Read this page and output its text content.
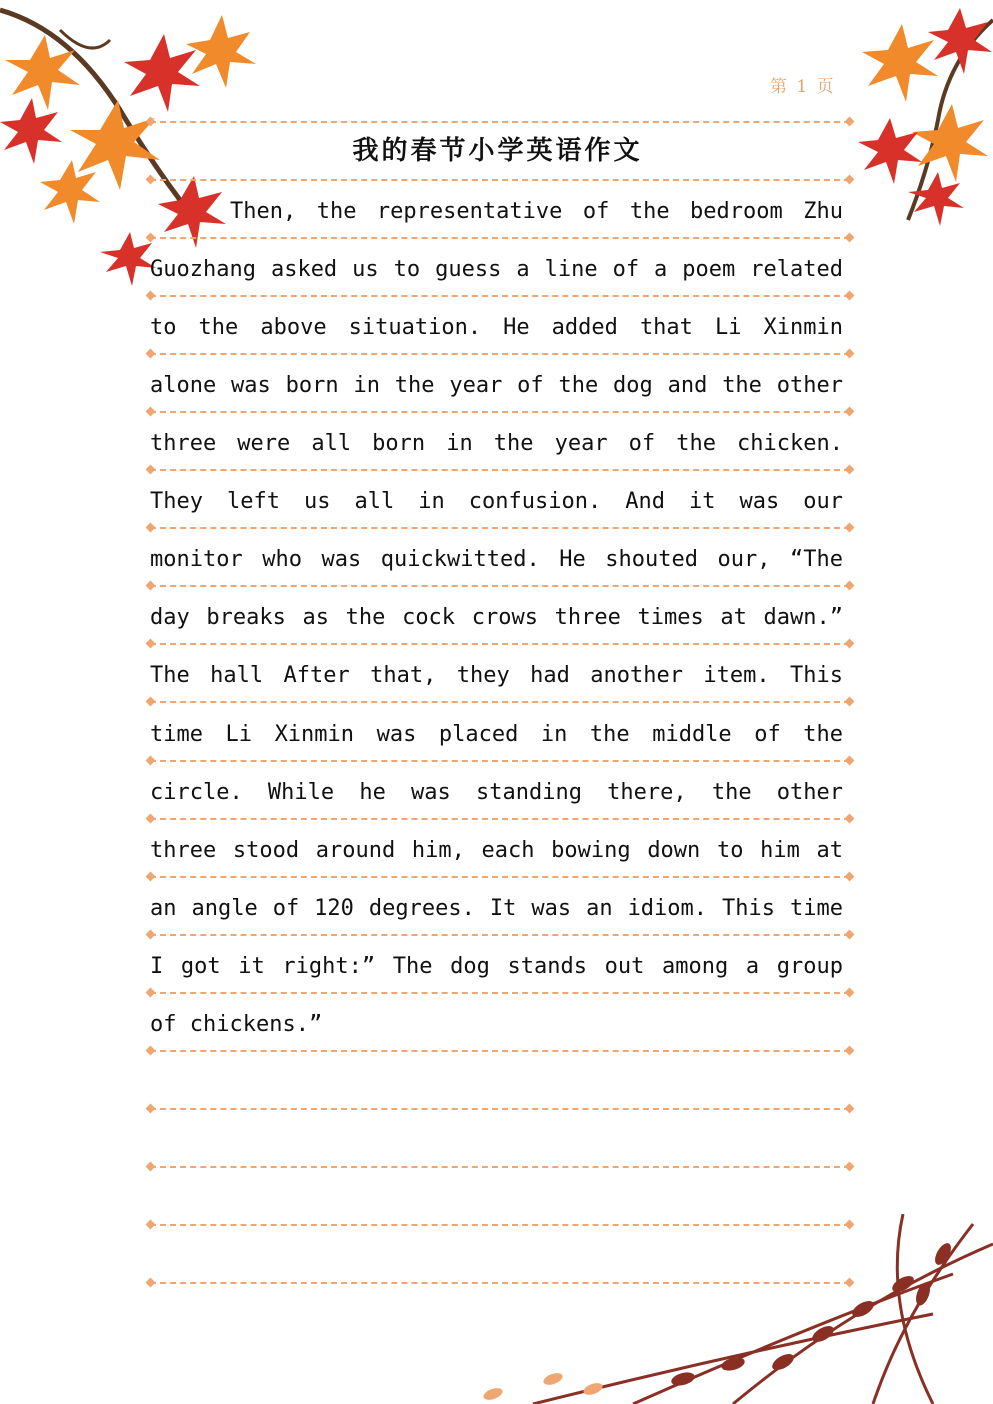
第 1 页
我的春节小学英语作文
Then, the representative of the bedroom Zhu
Guozhang asked us to guess a line of a poem related
to the above situation. He added that Li Xinmin
alone was born in the year of the dog and the other
three were all born in the year of the chicken.
They left us all in confusion. And it was our
monitor who was quickwitted. He shouted our, “The
day breaks as the cock crows three times at dawn.”
The hall After that, they had another item. This
time Li Xinmin was placed in the middle of the
circle. While he was standing there, the other
three stood around him, each bowing down to him at
an angle of 120 degrees. It was an idiom. This time
I got it right:” The dog stands out among a group
of chickens.”
